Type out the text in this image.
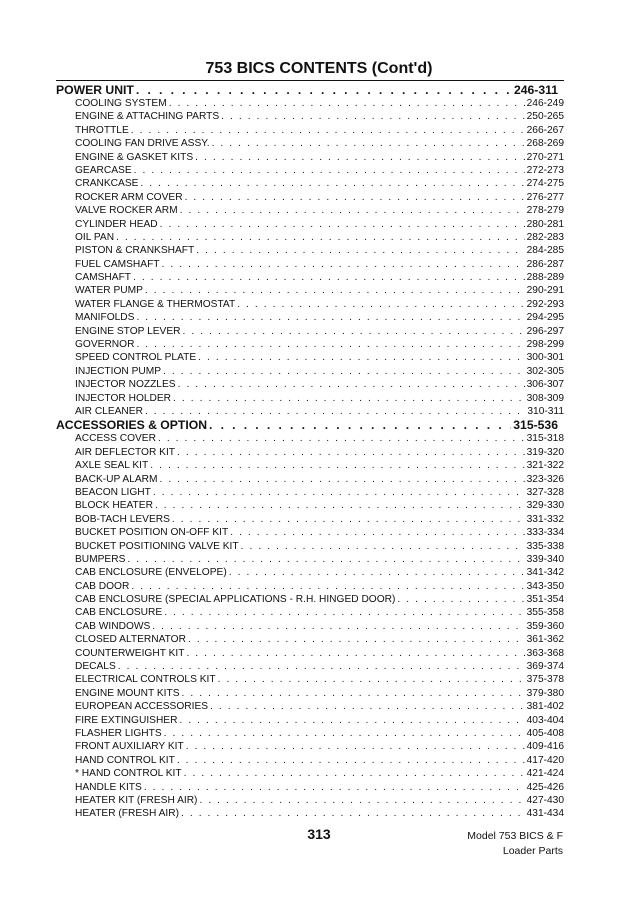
753 BICS CONTENTS (Cont'd)
POWER UNIT . . .	246-311
COOLING SYSTEM . . .	246-249
ENGINE & ATTACHING PARTS . . .	250-265
THROTTLE . . .	266-267
COOLING FAN DRIVE ASSY. . . .	268-269
ENGINE & GASKET KITS . . .	270-271
GEARCASE . . .	272-273
CRANKCASE . . .	274-275
ROCKER ARM COVER . . .	276-277
VALVE ROCKER ARM . . .	278-279
CYLINDER HEAD . . .	280-281
OIL PAN . . .	282-283
PISTON & CRANKSHAFT . . .	284-285
FUEL CAMSHAFT . . .	286-287
CAMSHAFT . . .	288-289
WATER PUMP . . .	290-291
WATER FLANGE & THERMOSTAT . . .	292-293
MANIFOLDS . . .	294-295
ENGINE STOP LEVER . . .	296-297
GOVERNOR . . .	298-299
SPEED CONTROL PLATE . . .	300-301
INJECTION PUMP . . .	302-305
INJECTOR NOZZLES . . .	306-307
INJECTOR HOLDER . . .	308-309
AIR CLEANER . . .	310-311
ACCESSORIES & OPTION . . .	315-536
ACCESS COVER . . .	315-318
AIR DEFLECTOR KIT . . .	319-320
AXLE SEAL KIT . . .	321-322
BACK-UP ALARM . . .	323-326
BEACON LIGHT . . .	327-328
BLOCK HEATER . . .	329-330
BOB-TACH LEVERS . . .	331-332
BUCKET POSITION ON-OFF KIT . . .	333-334
BUCKET POSITIONING VALVE KIT . . .	335-338
BUMPERS . . .	339-340
CAB ENCLOSURE (ENVELOPE) . . .	341-342
CAB DOOR . . .	343-350
CAB ENCLOSURE (SPECIAL APPLICATIONS - R.H. HINGED DOOR) . . .	351-354
CAB ENCLOSURE . . .	355-358
CAB WINDOWS . . .	359-360
CLOSED ALTERNATOR . . .	361-362
COUNTERWEIGHT KIT . . .	363-368
DECALS . . .	369-374
ELECTRICAL CONTROLS KIT . . .	375-378
ENGINE MOUNT KITS . . .	379-380
EUROPEAN ACCESSORIES . . .	381-402
FIRE EXTINGUISHER . . .	403-404
FLASHER LIGHTS . . .	405-408
FRONT AUXILIARY KIT . . .	409-416
HAND CONTROL KIT . . .	417-420
* HAND CONTROL KIT . . .	421-424
HANDLE KITS . . .	425-426
HEATER KIT (FRESH AIR) . . .	427-430
HEATER (FRESH AIR) . . .	431-434
313	Model 753 BICS & F
Loader Parts
